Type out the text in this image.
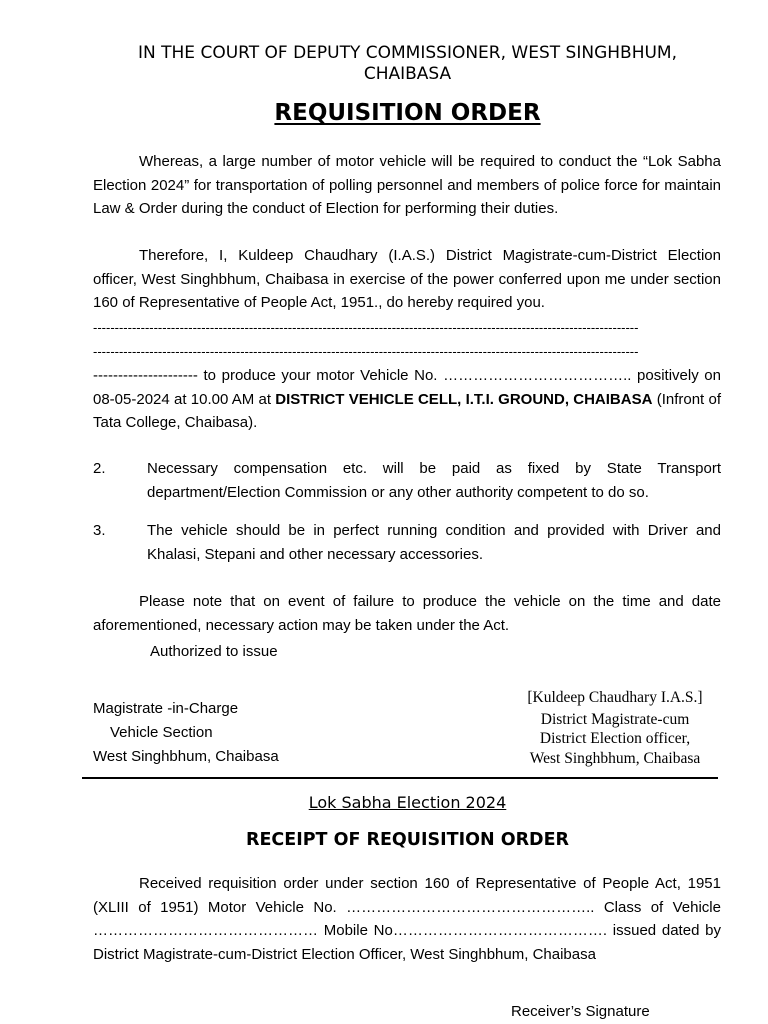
IN THE COURT OF DEPUTY COMMISSIONER, WEST SINGHBHUM,
CHAIBASA
REQUISITION ORDER
Whereas, a large number of motor vehicle will be required to conduct the “Lok Sabha Election 2024” for transportation of polling personnel and members of police force for maintain Law & Order during the conduct of Election for performing their duties.
Therefore, I, Kuldeep Chaudhary (I.A.S.) District Magistrate-cum-District Election officer, West Singhbhum, Chaibasa in exercise of the power conferred upon me under section 160 of Representative of People Act, 1951., do hereby required you.
------------------------------------------------------------------------------------------------------------------------------
------------------------------------------------------------------------------------------------------------------------------
--------------------- to produce your motor Vehicle No. ……………………………….. positively on 08-05-2024 at 10.00 AM at DISTRICT VEHICLE CELL, I.T.I. GROUND, CHAIBASA (Infront of Tata College, Chaibasa).
2.	Necessary compensation etc. will be paid as fixed by State Transport department/Election Commission or any other authority competent to do so.
3.	The vehicle should be in perfect running condition and provided with Driver and Khalasi, Stepani and other necessary accessories.
Please note that on event of failure to produce the vehicle on the time and date aforementioned, necessary action may be taken under the Act.
Authorized to issue
Magistrate -in-Charge
Vehicle Section
West Singhbhum, Chaibasa
[Kuldeep Chaudhary I.A.S.]
District Magistrate-cum
District Election officer,
West Singhbhum, Chaibasa
Lok Sabha Election 2024
RECEIPT OF REQUISITION ORDER
Received requisition order under section 160 of Representative of People Act, 1951 (XLIII of 1951) Motor Vehicle No. ………………………………………….. Class of Vehicle ……………………………………… Mobile No……………………………………. issued dated by District Magistrate-cum-District Election Officer, West Singhbhum, Chaibasa
Receiver’s Signature
